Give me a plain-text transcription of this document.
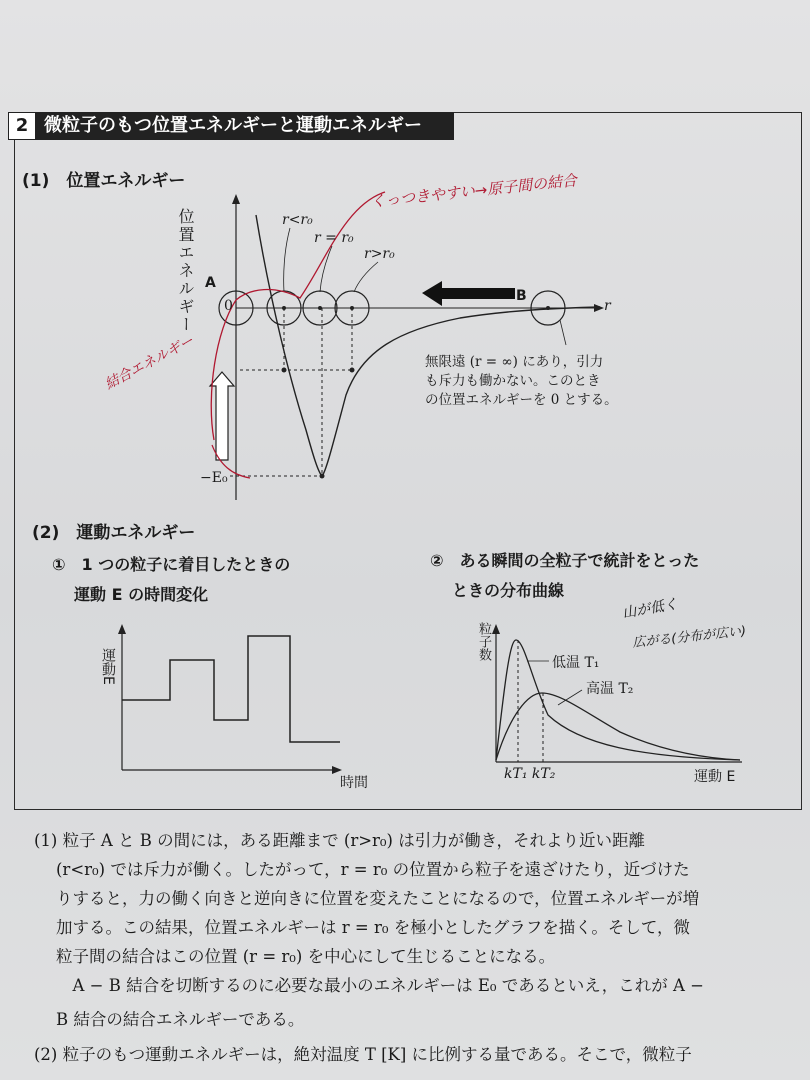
2 微粒子のもつ位置エネルギーと運動エネルギー
(1)　位置エネルギー
位置エネルギー A
0
B
r
−E₀
r<r₀
r = r₀
r>r₀
無限遠 (r = ∞) にあり，引力
も斥力も働かない。このとき
の位置エネルギーを 0 とする。
くっつきやすい→原子間の結合
結合エネルギー
山が低く
広がる(分布が広い)
(2)　運動エネルギー
①　1 つの粒子に着目したときの
運動 E の時間変化
②　ある瞬間の全粒子で統計をとった
ときの分布曲線
運動E
時間
粒子数
低温 T₁
高温 T₂
kT₁ kT₂	運動 E
(1) 粒子 A と B の間には，ある距離まで (r>r₀) は引力が働き，それより近い距離
(r<r₀) では斥力が働く。したがって，r = r₀ の位置から粒子を遠ざけたり，近づけた
りすると，力の働く向きと逆向きに位置を変えたことになるので，位置エネルギーが増
加する。この結果，位置エネルギーは r = r₀ を極小としたグラフを描く。そして，微
粒子間の結合はこの位置 (r = r₀) を中心にして生じることになる。
　A − B 結合を切断するのに必要な最小のエネルギーは E₀ であるといえ，これが A −
B 結合の結合エネルギーである。
(2) 粒子のもつ運動エネルギーは，絶対温度 T [K] に比例する量である。そこで，微粒子
